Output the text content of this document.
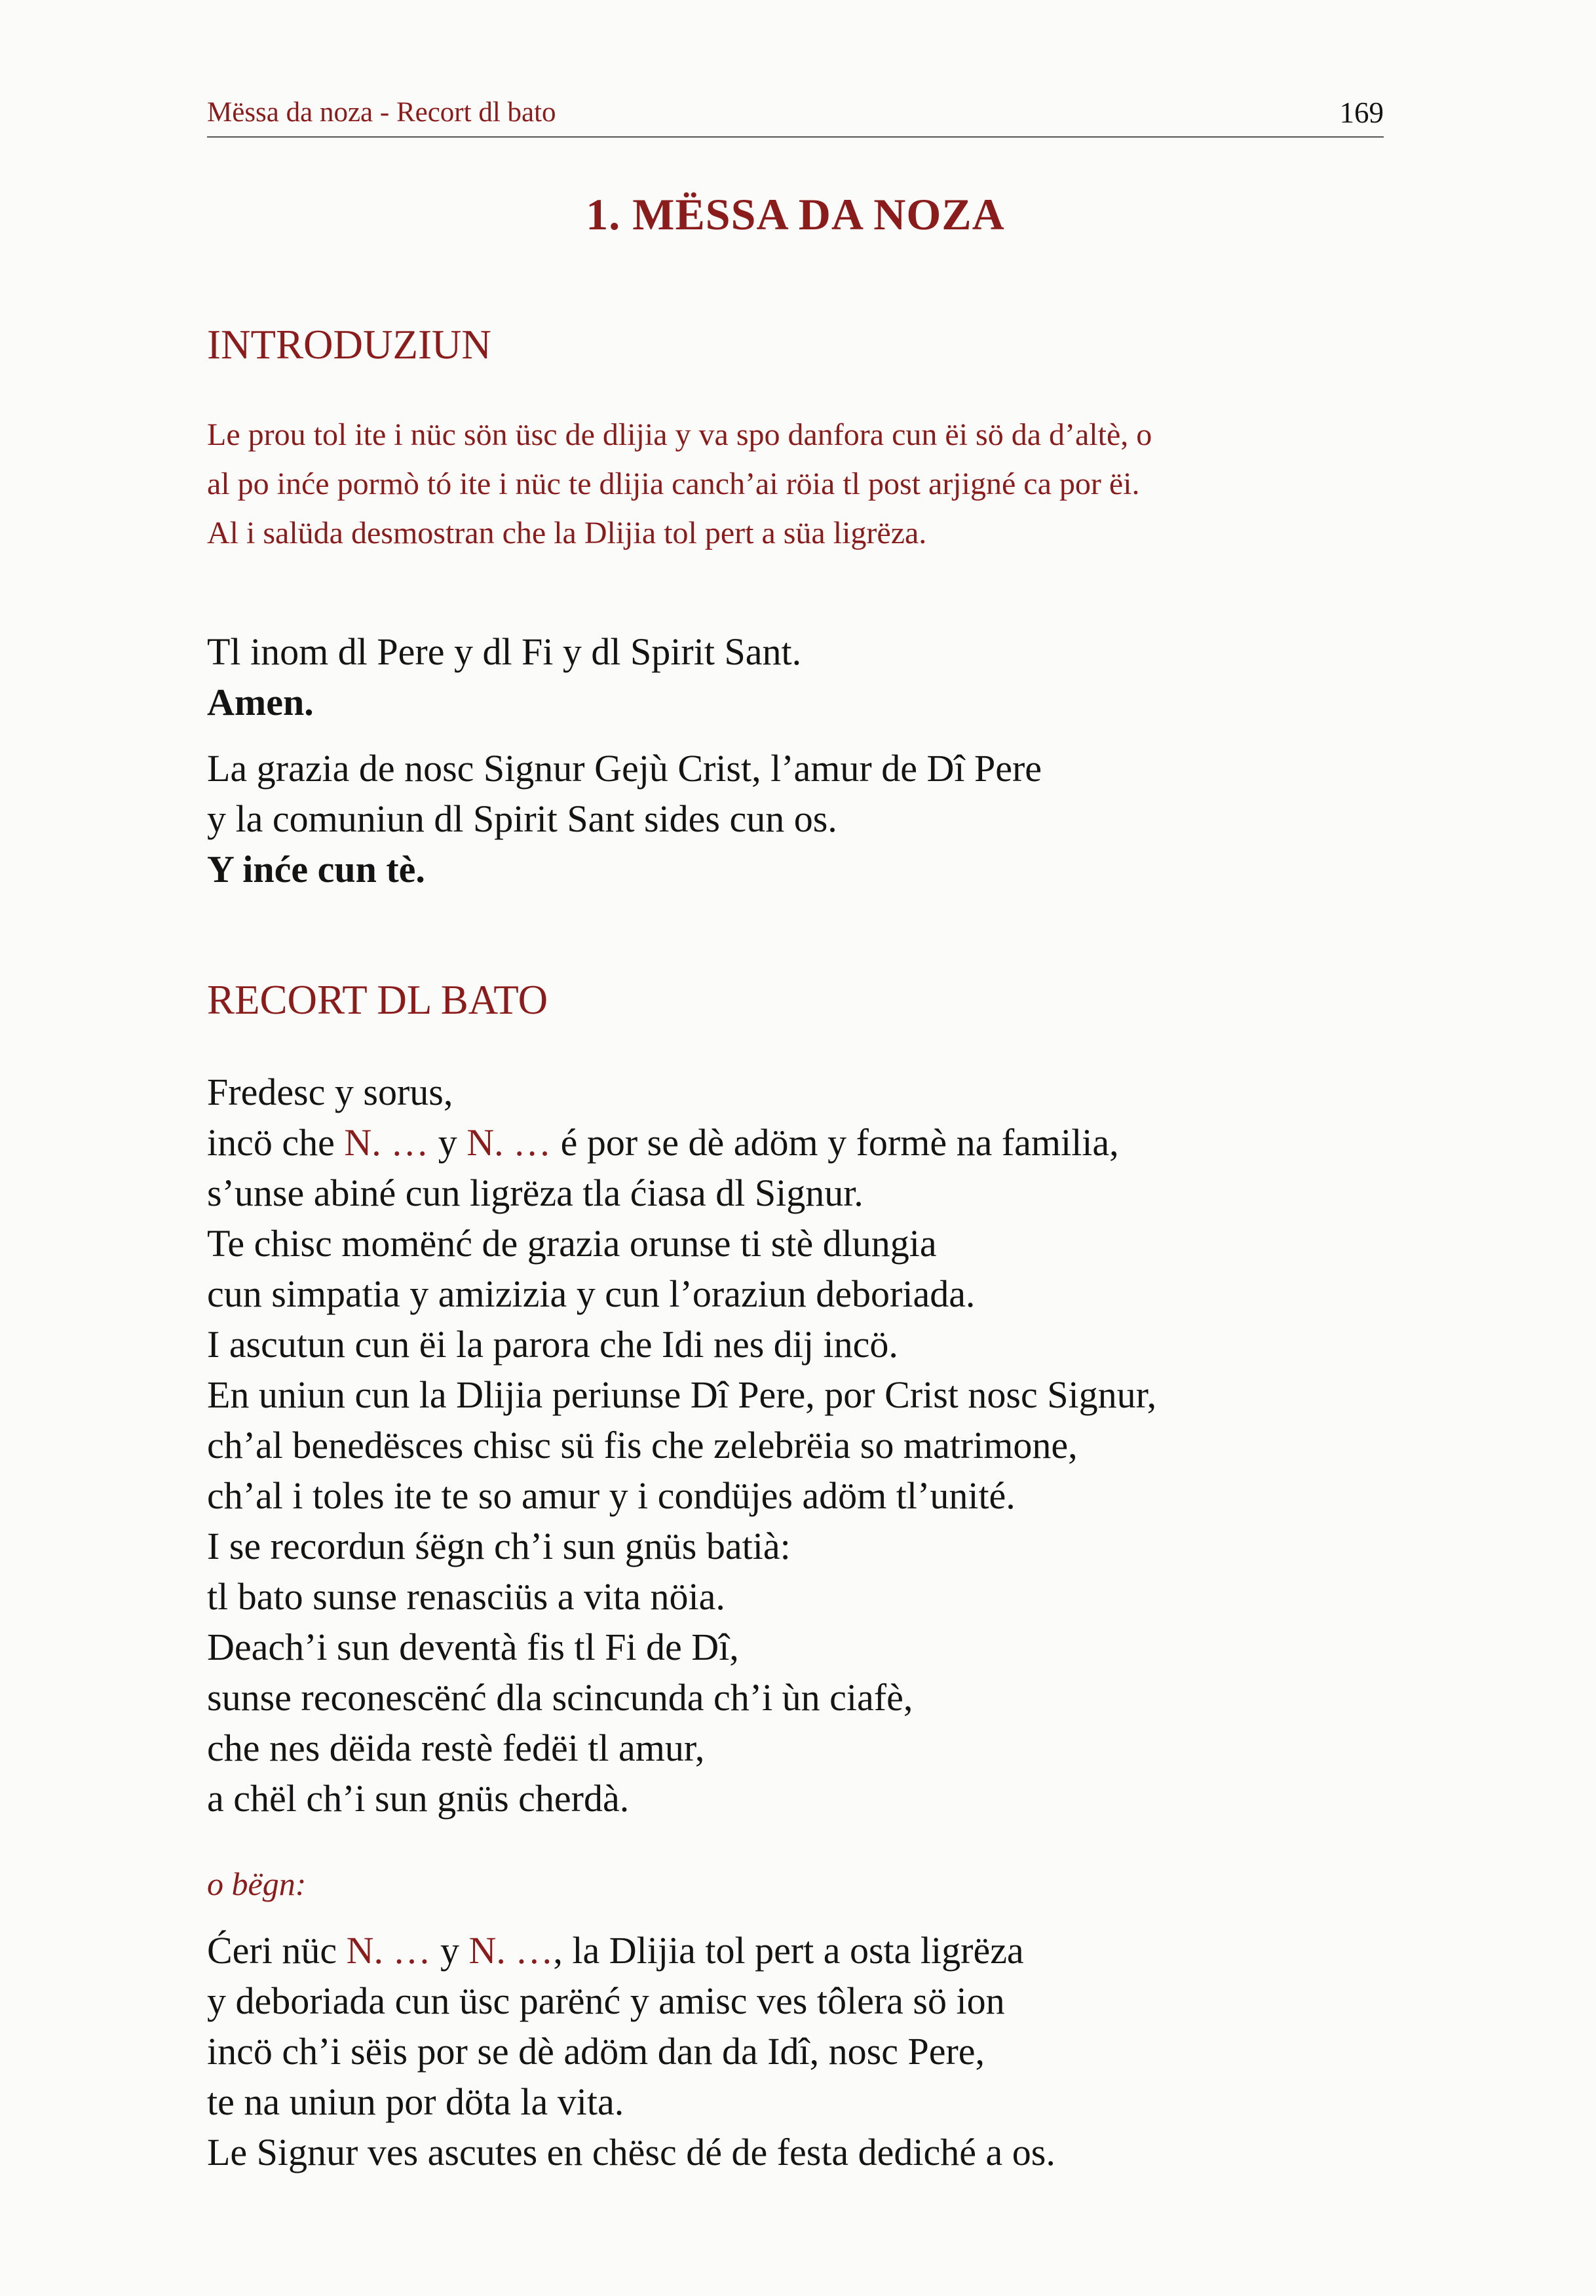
Mëssa da noza - Recort dl bato	169
1. MËSSA DA NOZA
INTRODUZIUN
Le prou tol ite i nüc sön üsc de dlijia y va spo danfora cun ëi sö da d’altè, o
al po inće pormò tó ite i nüc te dlijia canch’ai röia tl post arjigné ca por ëi.
Al i salüda desmostran che la Dlijia tol pert a süa ligrëza.
Tl inom dl Pere y dl Fi y dl Spirit Sant.
Amen.
La grazia de nosc Signur Gejù Crist, l’amur de Dî Pere
y la comuniun dl Spirit Sant sides cun os.
Y inće cun tè.
RECORT DL BATO
Fredesc y sorus,
incö che N. … y N. … é por se dè adöm y formè na familia,
s’unse abiné cun ligrëza tla ćiasa dl Signur.
Te chisc momënć de grazia orunse ti stè dlungia
cun simpatia y amizizia y cun l’oraziun deboriada.
I ascutun cun ëi la parora che Idi nes dij incö.
En uniun cun la Dlijia periunse Dî Pere, por Crist nosc Signur,
ch’al benedësces chisc sü fis che zelebrëia so matrimone,
ch’al i toles ite te so amur y i condüjes adöm tl’unité.
I se recordun śëgn ch’i sun gnüs batià:
tl bato sunse renasciüs a vita nöia.
Deach’i sun deventà fis tl Fi de Dî,
sunse reconescënć dla scincunda ch’i ùn ciafè,
che nes dëida restè fedëi tl amur,
a chël ch’i sun gnüs cherdà.
o bëgn:
Ćeri nüc N. … y N. …, la Dlijia tol pert a osta ligrëza
y deboriada cun üsc parënć y amisc ves tôlera sö ion
incö ch’i sëis por se dè adöm dan da Idî, nosc Pere,
te na uniun por döta la vita.
Le Signur ves ascutes en chësc dé de festa dediché a os.
